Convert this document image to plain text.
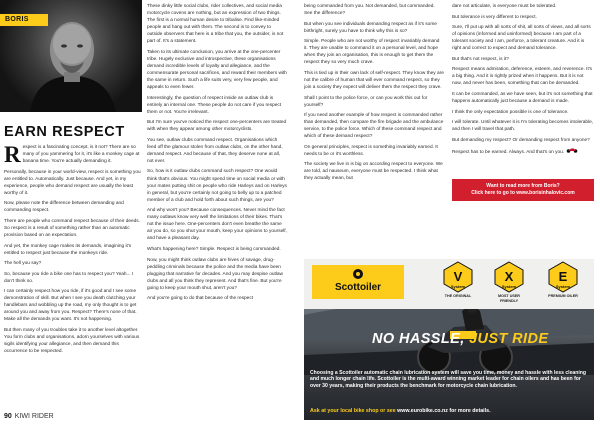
BORIS
EARN RESPECT

Respect is a fascinating concept, is it not? There are so many of you yammering for it, it's like a monkey cage at banana time. You're actually demanding it.

Personally, because in your world-view, respect is something you are entitled to. Automatically. Just because. And yet, in my experience, people who demand respect are usually the least worthy of it.

Now, please note the difference between demanding and commanding respect.

There are people who command respect because of their deeds. So respect is a result of something rather than an automatic provision based on an expectation.

And yet, the monkey cage makes its demands, imagining it's entitled to respect just because the monkeys ride.

The hell you say?

So, because you ride a bike one has to respect you? Yeah... I don't think so.

I can certainly respect how you ride, if it's good and I see some demonstration of skill. But when I see you death clutching your handlebars and wobbling up the road, my only thought is to get around you and away from you. Respect? There's none of that. Make all the demands you want. It's not happening.

But then many of you troubles take it to another level altogether. You form clubs and organisations, adorn yourselves with various sigils identifying your allegiance, and then demand this occurrence to be respected.

These dinky little social clubs, rider collectives, and social media motorcycle covens are nothing, but an expression of two things. The first is a normal human desire to tribalise. Find like-minded people and hang out with them. The second is to convey to outside observers that here is a tribe that you, the outsider, is not part of. It's a statement.

Taken to its ultimate conclusion, you arrive at the one-percenter tribe. Hugely exclusive and introspective, these organisations demand incredible levels of loyalty and allegiance, and the commensurate personal sacrifices, and reward their members with the same in return. Such a life suits very, very few people, and appeals to even fewer.

Interestingly, the question of respect inside an outlaw club is entirely an internal one. These people do not care if you respect them or not. You're irrelevant.

But I'm sure you've noticed the respect one-percenters are treated with when they appear among other motorcyclists.

You see, outlaw clubs command respect. Organisations which feed off the glamour stolen from outlaw clubs, on the other hand, demand respect. And because of that, they deserve none at all, not ever.

So, how is it outlaw clubs command such respect? One would think that's obvious. You might spend time on social media or with your mates putting shit on people who ride Harleys and on Harleys in general, but you're certainly not going to belly up to a patched member of a club and hold forth about such things, are you?

And why won't you? Because consequences. Never mind the fact many outlaws know very well the limitations of their bikes. That's not the issue here. One-percenters don't even breathe the same air you do, so you shut your mouth, keep your opinions to yourself, and have a pleasant day.

What's happening here? Simple. Respect is being commanded.

Now, you might think outlaw clubs are hives of savage, drug-peddling criminals because the police and the media have been plugging that narrative for decades. And you may despise outlaw clubs and all you think they represent. And that's fine. But you're going to keep your mouth shut, aren't you?

And you're going to do that because of the respect

being commanded from you. Not demanded, but commanded. See the difference?

But when you see individuals demanding respect as if it's some birthright, surely you have to think why this is so?

Simple. People who are not worthy of respect invariably demand it. They are unable to command it on a personal level, and hope when they join an organisation, this is enough to get them the respect they so very much crave.

This is tied up in their own lack of self-respect. They know they are not the calibre of human that will ever command respect, so they join a society they expect will deliver them the respect they crave.

Shall I point to the police force, or can you work this out for yourself?

If you need another example of how respect is commanded rather than demanded, then compare the fire brigade and the ambulance service, to the police force. Which of these command respect and which of these demand respect?

On general principles, respect is something invariably earned. It needs to be or it's worthless.

The society we live in is big on according respect to everyone. We are told, ad nauseum, everyone must be respected. I think what they actually mean, but

dare not articulate, is everyone must be tolerated.

But tolerance is very different to respect.

Sure, I'll put up with all sorts of shit, all sorts of views, and all sorts of opinions (informed and uninformed) because I am part of a tolerant society and I am, perforce, a tolerant creature. And it is right and correct to expect and demand tolerance.

But that's not respect, is it?

Respect means admiration, deference, esteem, and reverence. It's a big thing. And it is rightly prized when it happens. But it is not now, and never has been, something that can be demanded.

It can be commanded, as we have seen, but it's not something that happens automatically just because a demand is made.

I think the only expectation possible is one of tolerance.

I will tolerate. Until whatever it is I'm tolerating becomes intolerable, and then I will travel that path.

But demanding my respect? Or demanding respect from anyone?

Respect has to be earned. Always. And that's on you.

Want to read more from Boris?
Click here to go to www.borisinhalovic.com
Scottoiler
V
System
THE ORIGINAL
X
System
MOST USER FRIENDLY
E
System
PREMIUM OILER
NO HASSLE, JUST RIDE
Choosing a Scottoiler automatic chain lubrication system will save you time, money and hassle with less cleaning and much longer chain life. Scottoiler is the multi-award winning market leader for chain oilers and has been for over 30 years, making their products the benchmark for motorcycle chain lubrication.
Ask at your local bike shop or see www.eurobike.co.nz for more details.
90 KIWI RIDER
